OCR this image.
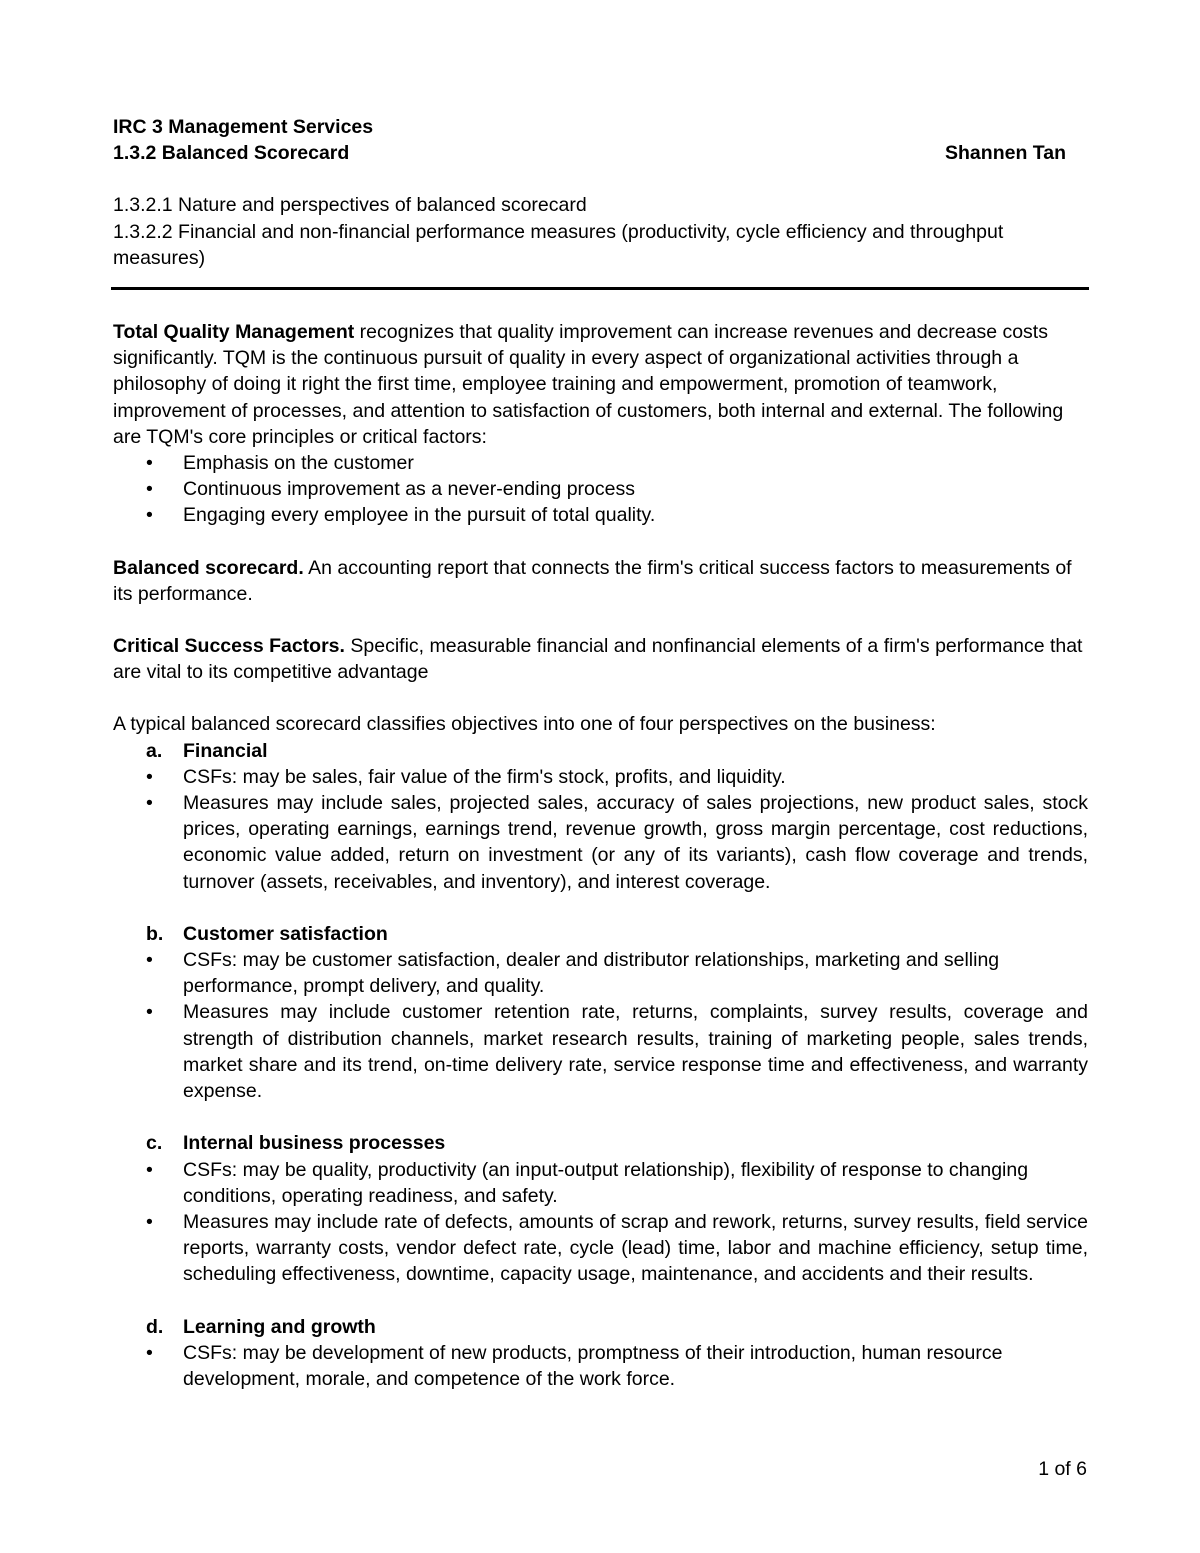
IRC 3 Management Services
1.3.2 Balanced Scorecard	Shannen Tan
1.3.2.1 Nature and perspectives of balanced scorecard
1.3.2.2 Financial and non-financial performance measures (productivity, cycle efficiency and throughput measures)
Total Quality Management recognizes that quality improvement can increase revenues and decrease costs significantly. TQM is the continuous pursuit of quality in every aspect of organizational activities through a philosophy of doing it right the first time, employee training and empowerment, promotion of teamwork, improvement of processes, and attention to satisfaction of customers, both internal and external. The following are TQM's core principles or critical factors:
• Emphasis on the customer
• Continuous improvement as a never-ending process
• Engaging every employee in the pursuit of total quality.
Balanced scorecard. An accounting report that connects the firm's critical success factors to measurements of its performance.
Critical Success Factors. Specific, measurable financial and nonfinancial elements of a firm's performance that are vital to its competitive advantage
A typical balanced scorecard classifies objectives into one of four perspectives on the business:
a. Financial
• CSFs: may be sales, fair value of the firm's stock, profits, and liquidity.
• Measures may include sales, projected sales, accuracy of sales projections, new product sales, stock prices, operating earnings, earnings trend, revenue growth, gross margin percentage, cost reductions, economic value added, return on investment (or any of its variants), cash flow coverage and trends, turnover (assets, receivables, and inventory), and interest coverage.
b. Customer satisfaction
• CSFs: may be customer satisfaction, dealer and distributor relationships, marketing and selling performance, prompt delivery, and quality.
• Measures may include customer retention rate, returns, complaints, survey results, coverage and strength of distribution channels, market research results, training of marketing people, sales trends, market share and its trend, on-time delivery rate, service response time and effectiveness, and warranty expense.
c. Internal business processes
• CSFs: may be quality, productivity (an input-output relationship), flexibility of response to changing conditions, operating readiness, and safety.
• Measures may include rate of defects, amounts of scrap and rework, returns, survey results, field service reports, warranty costs, vendor defect rate, cycle (lead) time, labor and machine efficiency, setup time, scheduling effectiveness, downtime, capacity usage, maintenance, and accidents and their results.
d. Learning and growth
• CSFs: may be development of new products, promptness of their introduction, human resource development, morale, and competence of the work force.
1 of 6
